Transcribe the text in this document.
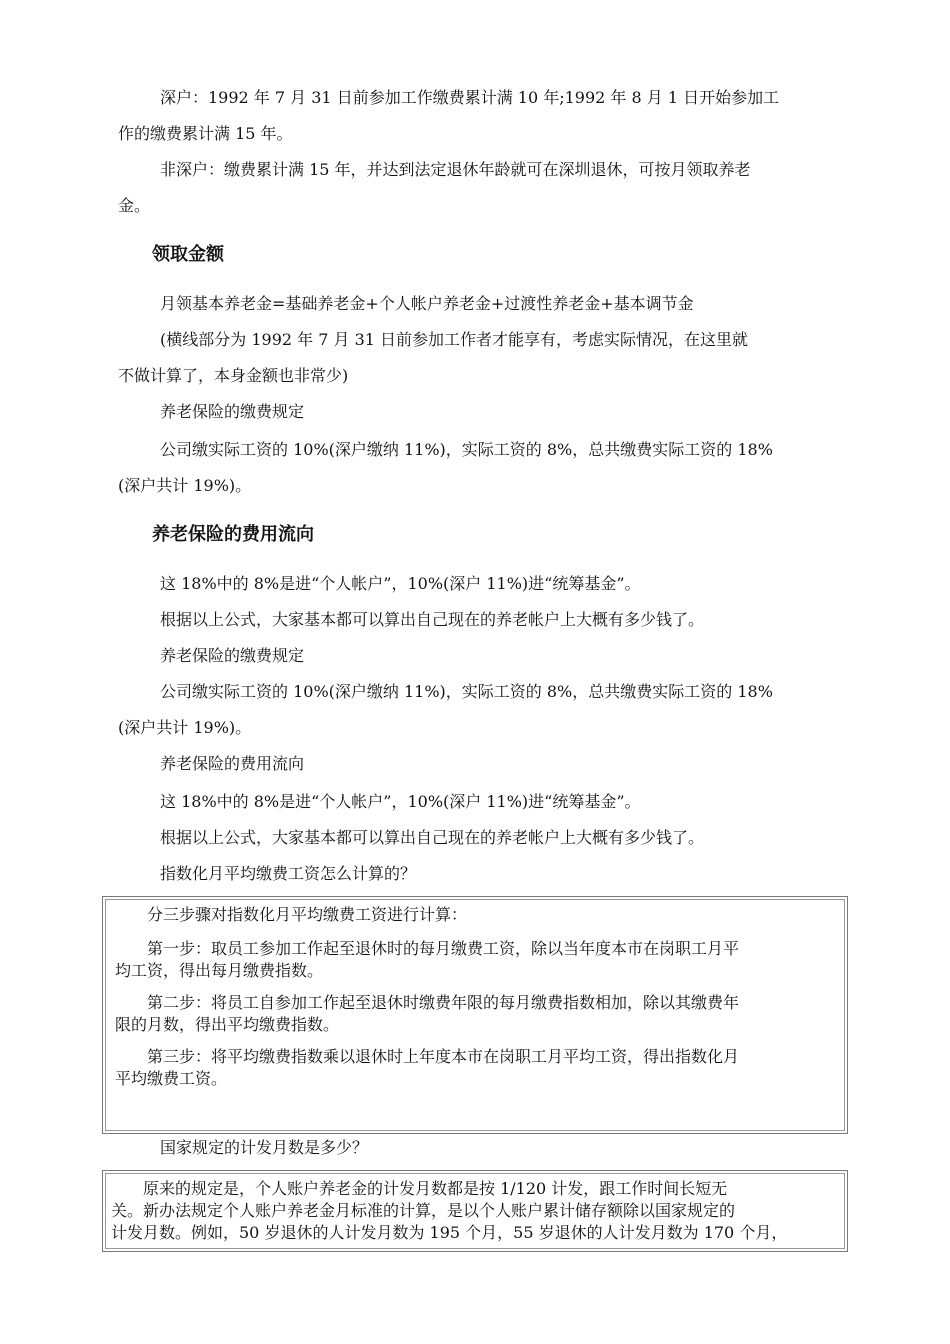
深户：1992 年 7 月 31 日前参加工作缴费累计满 10 年;1992 年 8 月 1 日开始参加工
作的缴费累计满 15 年。
非深户：缴费累计满 15 年，并达到法定退休年龄就可在深圳退休，可按月领取养老
金。
领取金额
月领基本养老金=基础养老金+个人帐户养老金+过渡性养老金+基本调节金
(横线部分为 1992 年 7 月 31 日前参加工作者才能享有，考虑实际情况，在这里就
不做计算了，本身金额也非常少)
养老保险的缴费规定
公司缴实际工资的 10%(深户缴纳 11%)，实际工资的 8%，总共缴费实际工资的 18%
(深户共计 19%)。
养老保险的费用流向
这 18%中的 8%是进“个人帐户”，10%(深户 11%)进“统筹基金”。
根据以上公式，大家基本都可以算出自己现在的养老帐户上大概有多少钱了。
养老保险的缴费规定
公司缴实际工资的 10%(深户缴纳 11%)，实际工资的 8%，总共缴费实际工资的 18%
(深户共计 19%)。
养老保险的费用流向
这 18%中的 8%是进“个人帐户”，10%(深户 11%)进“统筹基金”。
根据以上公式，大家基本都可以算出自己现在的养老帐户上大概有多少钱了。
指数化月平均缴费工资怎么计算的？
分三步骤对指数化月平均缴费工资进行计算：
第一步：取员工参加工作起至退休时的每月缴费工资，除以当年度本市在岗职工月平
均工资，得出每月缴费指数。
第二步：将员工自参加工作起至退休时缴费年限的每月缴费指数相加，除以其缴费年
限的月数，得出平均缴费指数。
第三步：将平均缴费指数乘以退休时上年度本市在岗职工月平均工资，得出指数化月
平均缴费工资。
国家规定的计发月数是多少？
原来的规定是，个人账户养老金的计发月数都是按 1/120 计发，跟工作时间长短无
关。新办法规定个人账户养老金月标准的计算，是以个人账户累计储存额除以国家规定的
计发月数。例如，50 岁退休的人计发月数为 195 个月，55 岁退休的人计发月数为 170 个月，
